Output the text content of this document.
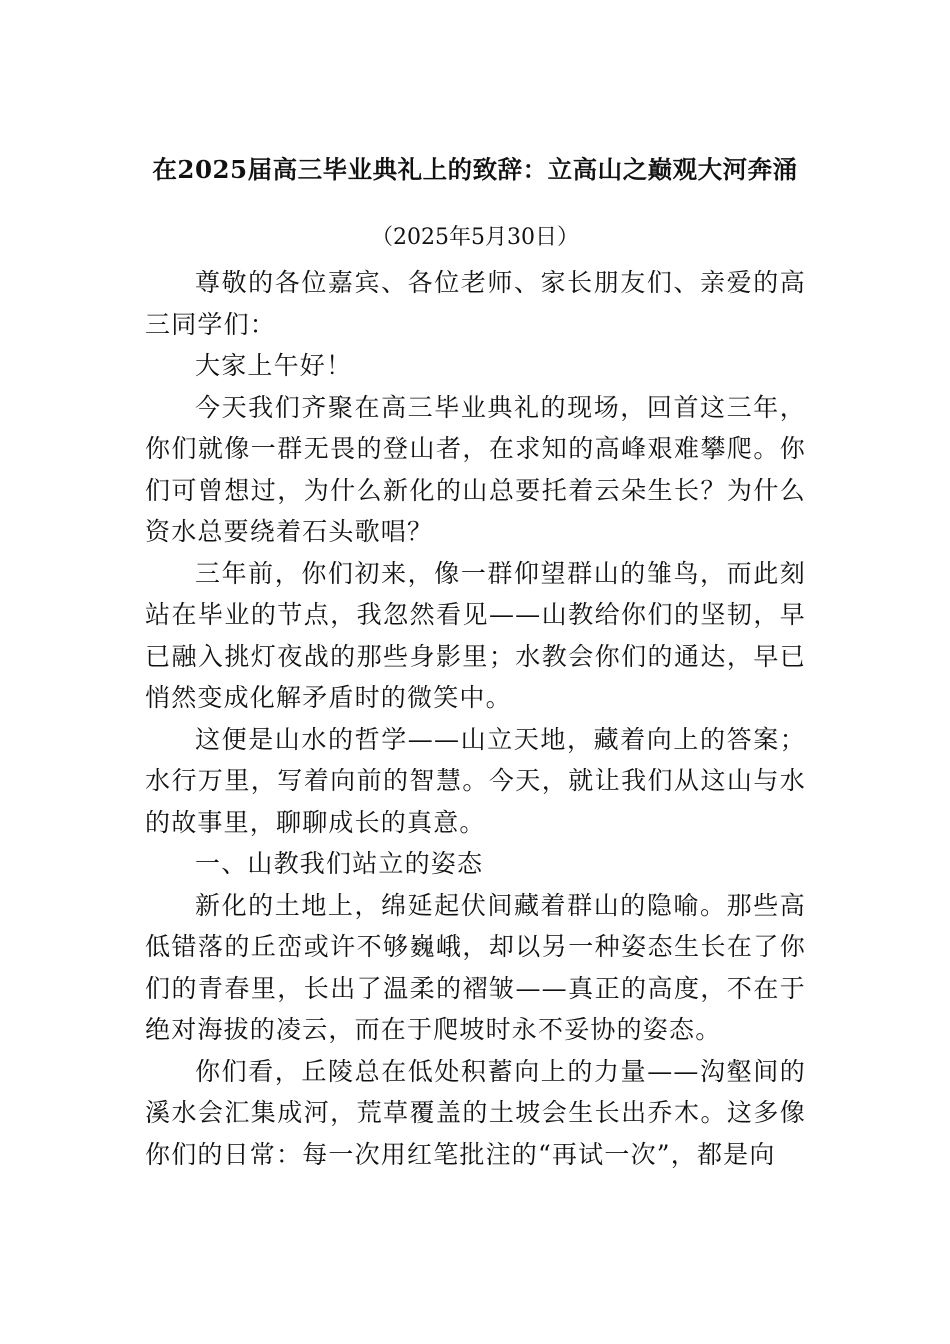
在2025届高三毕业典礼上的致辞：立高山之巅观大河奔涌
（2025年5月30日）

尊敬的各位嘉宾、各位老师、家长朋友们、亲爱的高三同学们：

大家上午好！

今天我们齐聚在高三毕业典礼的现场，回首这三年，你们就像一群无畏的登山者，在求知的高峰艰难攀爬。你们可曾想过，为什么新化的山总要托着云朵生长？为什么资水总要绕着石头歌唱？

三年前，你们初来，像一群仰望群山的雏鸟，而此刻站在毕业的节点，我忽然看见——山教给你们的坚韧，早已融入挑灯夜战的那些身影里；水教会你们的通达，早已悄然变成化解矛盾时的微笑中。

这便是山水的哲学——山立天地，藏着向上的答案；水行万里，写着向前的智慧。今天，就让我们从这山与水的故事里，聊聊成长的真意。

一、山教我们站立的姿态

新化的土地上，绵延起伏间藏着群山的隐喻。那些高低错落的丘峦或许不够巍峨，却以另一种姿态生长在了你们的青春里，长出了温柔的褶皱——真正的高度，不在于绝对海拔的凌云，而在于爬坡时永不妥协的姿态。

你们看，丘陵总在低处积蓄向上的力量——沟壑间的溪水会汇集成河，荒草覆盖的土坡会生长出乔木。这多像你们的日常：每一次用红笔批注的“再试一次”，都是向
